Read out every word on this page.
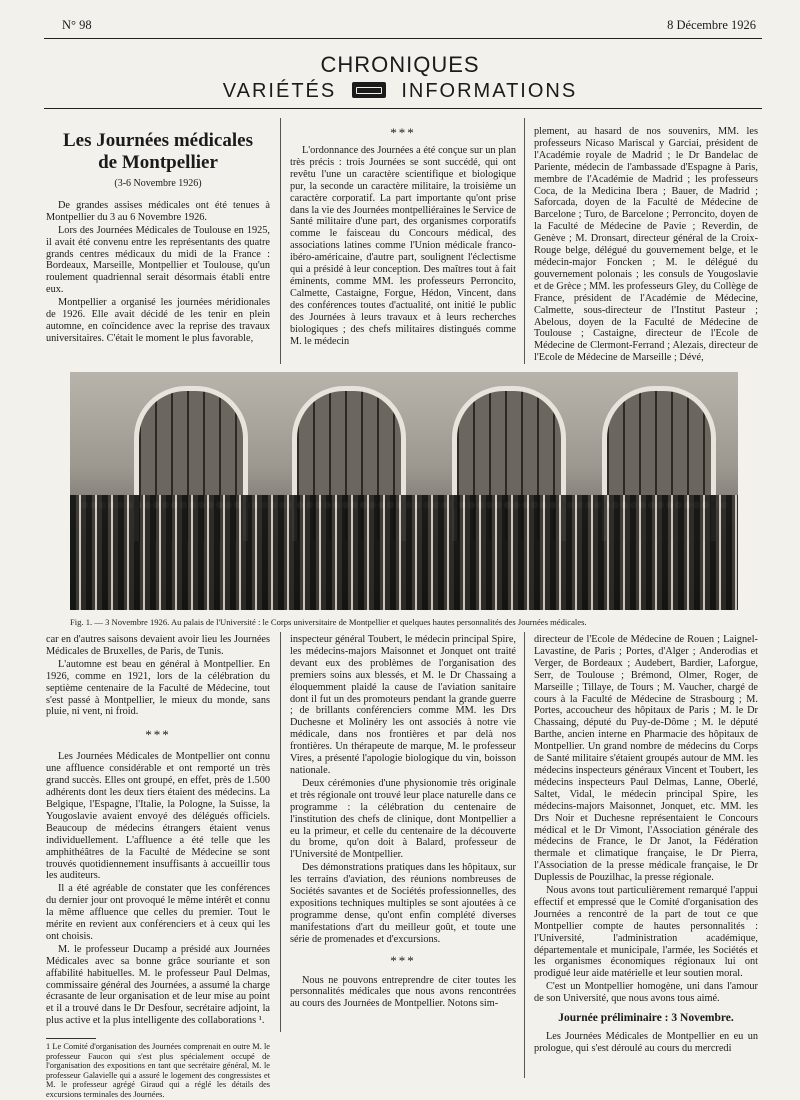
N° 98	8 Décembre 1926
CHRONIQUES
VARIÉTÉS	INFORMATIONS
Les Journées médicales
de Montpellier
(3-6 Novembre 1926)

De grandes assises médicales ont été tenues à Montpellier du 3 au 6 Novembre 1926.

Lors des Journées Médicales de Toulouse en 1925, il avait été convenu entre les représentants des quatre grands centres médicaux du midi de la France : Bordeaux, Marseille, Montpellier et Toulouse, qu'un roulement quadriennal serait désormais établi entre eux.

Montpellier a organisé les journées méridionales de 1926. Elle avait décidé de les tenir en plein automne, en coïncidence avec la reprise des travaux universitaires. C'était le moment le plus favorable,

***

L'ordonnance des Journées a été conçue sur un plan très précis : trois Journées se sont succédé, qui ont revêtu l'une un caractère scientifique et biologique pur, la seconde un caractère militaire, la troisième un caractère corporatif. La part importante qu'ont prise dans la vie des Journées montpelliéraines le Service de Santé militaire d'une part, des organismes corporatifs comme le faisceau du Concours médical, des associations latines comme l'Union médicale franco-ibéro-américaine, d'autre part, soulignent l'éclectisme qui a présidé à leur conception. Des maîtres tout à fait éminents, comme MM. les professeurs Perroncito, Calmette, Castaigne, Forgue, Hédon, Vincent, dans des conférences toutes d'actualité, ont initié le public des Journées à leurs travaux et à leurs recherches biologiques ; des chefs militaires distingués comme M. le médecin

plement, au hasard de nos souvenirs, MM. les professeurs Nicaso Mariscal y Garciai, président de l'Académie royale de Madrid ; le Dr Bandelac de Pariente, médecin de l'ambassade d'Espagne à Paris, membre de l'Académie de Madrid ; les professeurs Coca, de la Medicina Ibera ; Bauer, de Madrid ; Saforcada, doyen de la Faculté de Médecine de Barcelone ; Turo, de Barcelone ; Perroncito, doyen de la Faculté de Médecine de Pavie ; Reverdin, de Genève ; M. Dronsart, directeur général de la Croix-Rouge belge, délégué du gouvernement belge, et le médecin-major Foncken ; M. le délégué du gouvernement polonais ; les consuls de Yougoslavie et de Grèce ; MM. les professeurs Gley, du Collège de France, président de l'Académie de Médecine, Calmette, sous-directeur de l'Institut Pasteur ; Abelous, doyen de la Faculté de Médecine de Toulouse ; Castaigne, directeur de l'Ecole de Médecine de Clermont-Ferrand ; Alezais, directeur de l'Ecole de Médecine de Marseille ; Dévé,

Fig. 1. — 3 Novembre 1926. Au palais de l'Université : le Corps universitaire de Montpellier et quelques hautes personnalités des Journées médicales.

car en d'autres saisons devaient avoir lieu les Journées Médicales de Bruxelles, de Paris, de Tunis.

L'automne est beau en général à Montpellier. En 1926, comme en 1921, lors de la célébration du septième centenaire de la Faculté de Médecine, tout s'est passé à Montpellier, le mieux du monde, sans pluie, ni vent, ni froid.

***

Les Journées Médicales de Montpellier ont connu une affluence considérable et ont remporté un très grand succès. Elles ont groupé, en effet, près de 1.500 adhérents dont les deux tiers étaient des médecins. La Belgique, l'Espagne, l'Italie, la Pologne, la Suisse, la Yougoslavie avaient envoyé des délégués officiels. Beaucoup de médecins étrangers étaient venus individuellement. L'affluence a été telle que les amphithéâtres de la Faculté de Médecine se sont trouvés quotidiennement insuffisants à accueillir tous les auditeurs.

Il a été agréable de constater que les conférences du dernier jour ont provoqué le même intérêt et connu la même affluence que celles du premier. Tout le mérite en revient aux conférenciers et à ceux qui les ont choisis.

M. le professeur Ducamp a présidé aux Journées Médicales avec sa bonne grâce souriante et son affabilité habituelles. M. le professeur Paul Delmas, commissaire général des Journées, a assumé la charge écrasante de leur organisation et de leur mise au point et il a trouvé dans le Dr Desfour, secrétaire adjoint, la plus active et la plus intelligente des collaborations ¹.

inspecteur général Toubert, le médecin principal Spire, les médecins-majors Maisonnet et Jonquet ont traité devant eux des problèmes de l'organisation des premiers soins aux blessés, et M. le Dr Chassaing a éloquemment plaidé la cause de l'aviation sanitaire dont il fut un des promoteurs pendant la grande guerre ; de brillants conférenciers comme MM. les Drs Duchesne et Molinéry les ont associés à notre vie médicale, dans nos frontières et par delà nos frontières. Un thérapeute de marque, M. le professeur Vires, a présenté l'apologie biologique du vin, boisson nationale.

Deux cérémonies d'une physionomie très originale et très régionale ont trouvé leur place naturelle dans ce programme : la célébration du centenaire de l'institution des chefs de clinique, dont Montpellier a eu la primeur, et celle du centenaire de la découverte du brome, qu'on doit à Balard, professeur de l'Université de Montpellier.

Des démonstrations pratiques dans les hôpitaux, sur les terrains d'aviation, des réunions nombreuses de Sociétés savantes et de Sociétés professionnelles, des expositions techniques multiples se sont ajoutées à ce programme dense, qu'ont enfin complété diverses manifestations d'art du meilleur goût, et toute une série de promenades et d'excursions.

***

Nous ne pouvons entreprendre de citer toutes les personnalités médicales que nous avons rencontrées au cours des Journées de Montpellier. Notons sim-

directeur de l'Ecole de Médecine de Rouen ; Laignel-Lavastine, de Paris ; Portes, d'Alger ; Anderodias et Verger, de Bordeaux ; Audebert, Bardier, Laforgue, Serr, de Toulouse ; Brémond, Olmer, Roger, de Marseille ; Tillaye, de Tours ; M. Vaucher, chargé de cours à la Faculté de Médecine de Strasbourg ; M. Portes, accoucheur des hôpitaux de Paris ; M. le Dr Chassaing, député du Puy-de-Dôme ; M. le député Barthe, ancien interne en Pharmacie des hôpitaux de Montpellier. Un grand nombre de médecins du Corps de Santé militaire s'étaient groupés autour de MM. les médecins inspecteurs généraux Vincent et Toubert, les médecins inspecteurs Paul Delmas, Lanne, Oberlé, Saltet, Vidal, le médecin principal Spire, les médecins-majors Maisonnet, Jonquet, etc. MM. les Drs Noir et Duchesne représentaient le Concours médical et le Dr Vimont, l'Association générale des médecins de France, le Dr Janot, la Fédération thermale et climatique française, le Dr Pierra, l'Association de la presse médicale française, le Dr Duplessis de Pouzilhac, la presse régionale.

Nous avons tout particulièrement remarqué l'appui effectif et empressé que le Comité d'organisation des Journées a rencontré de la part de tout ce que Montpellier compte de hautes personnalités : l'Université, l'administration académique, départementale et municipale, l'armée, les Sociétés et les organismes économiques régionaux lui ont prodigué leur aide matérielle et leur soutien moral.

C'est un Montpellier homogène, uni dans l'amour de son Université, que nous avons tous aimé.

Journée préliminaire : 3 Novembre.

Les Journées Médicales de Montpellier en eu un prologue, qui s'est déroulé au cours du mercredi

1 Le Comité d'organisation des Journées comprenait en outre M. le professeur Faucon qui s'est plus spécialement occupé de l'organisation des expositions en tant que secrétaire général, M. le professeur Galavielle qui a assuré le logement des congressistes et M. le professeur agrégé Giraud qui a réglé les détails des excursions terminales des Journées.
